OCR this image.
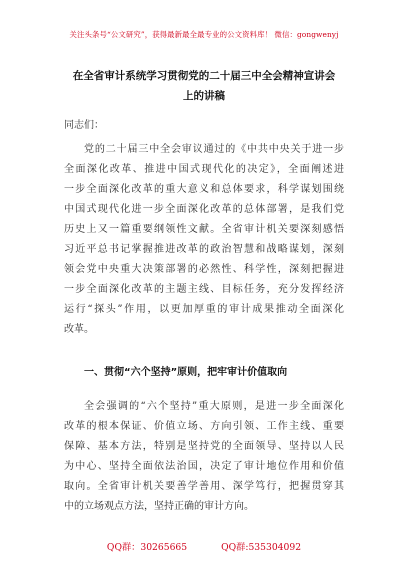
关注头条号“公文研究”，获得最新最全最专业的公文资料库！ 微信：gongwenyj
在全省审计系统学习贯彻党的二十届三中全会精神宣讲会
上的讲稿
同志们：
党的二十届三中全会审议通过的《中共中央关于进一步
全面深化改革、推进中国式现代化的决定》，全面阐述进
一步全面深化改革的重大意义和总体要求，科学谋划围绕
中国式现代化进一步全面深化改革的总体部署，是我们党
历史上又一篇重要纲领性文献。全省审计机关要深刻感悟
习近平总书记掌握推进改革的政治智慧和战略谋划，深刻
领会党中央重大决策部署的必然性、科学性，深刻把握进
一步全面深化改革的主题主线、目标任务，充分发挥经济
运行“探头”作用，以更加厚重的审计成果推动全面深化
改革。
一、贯彻“六个坚持”原则，把牢审计价值取向
全会强调的“六个坚持”重大原则，是进一步全面深化
改革的根本保证、价值立场、方向引领、工作主线、重要
保障、基本方法，特别是坚持党的全面领导、坚持以人民
为中心、坚持全面依法治国，决定了审计地位作用和价值
取向。全省审计机关要善学善用、深学笃行，把握贯穿其
中的立场观点方法，坚持正确的审计方向。
QQ群：30265665	QQ群:535304092
